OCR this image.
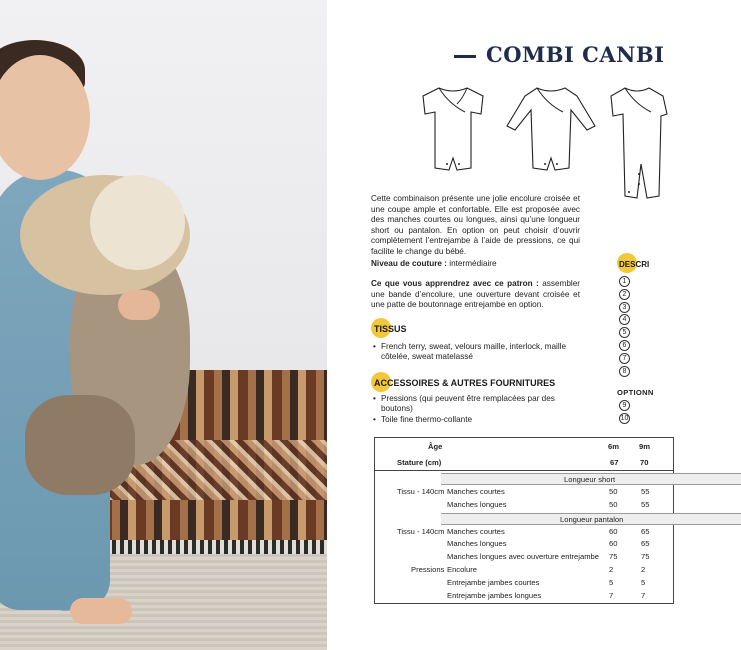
COMBI CANBI
Cette combinaison présente une jolie encolure croisée et une coupe ample et confortable. Elle est proposée avec des manches courtes ou longues, ainsi qu’une longueur short ou pantalon. En option on peut choisir d’ouvrir complètement l’entrejambe à l’aide de pressions, ce qui facilite le change du bébé.
Niveau de couture : intermédiaire
Ce que vous apprendrez avec ce patron : assembler une bande d’encolure, une ouverture devant croisée et une patte de boutonnage entrejambe en option.
TISSUS
• French terry, sweat, velours maille, interlock, maille côtelée, sweat matelassé
ACCESSOIRES & AUTRES FOURNITURES
• Pressions (qui peuvent être remplacées par des boutons)
• Toile fine thermo-collante
DESCRI
OPTIONN
Âge	6m	9m
Stature (cm)	67	70
Longueur short
Tissu - 140cm Manches courtes	50	55
Manches longues	50	55
Longueur pantalon
Tissu - 140cm Manches courtes	60	65
Manches longues	60	65
Manches longues avec ouverture entrejambe 75	75
Pressions Encolure	2	2
Entrejambe jambes courtes	5	5
Entrejambe jambes longues	7	7
1
2
3
4
5
6
7
8
9
10
